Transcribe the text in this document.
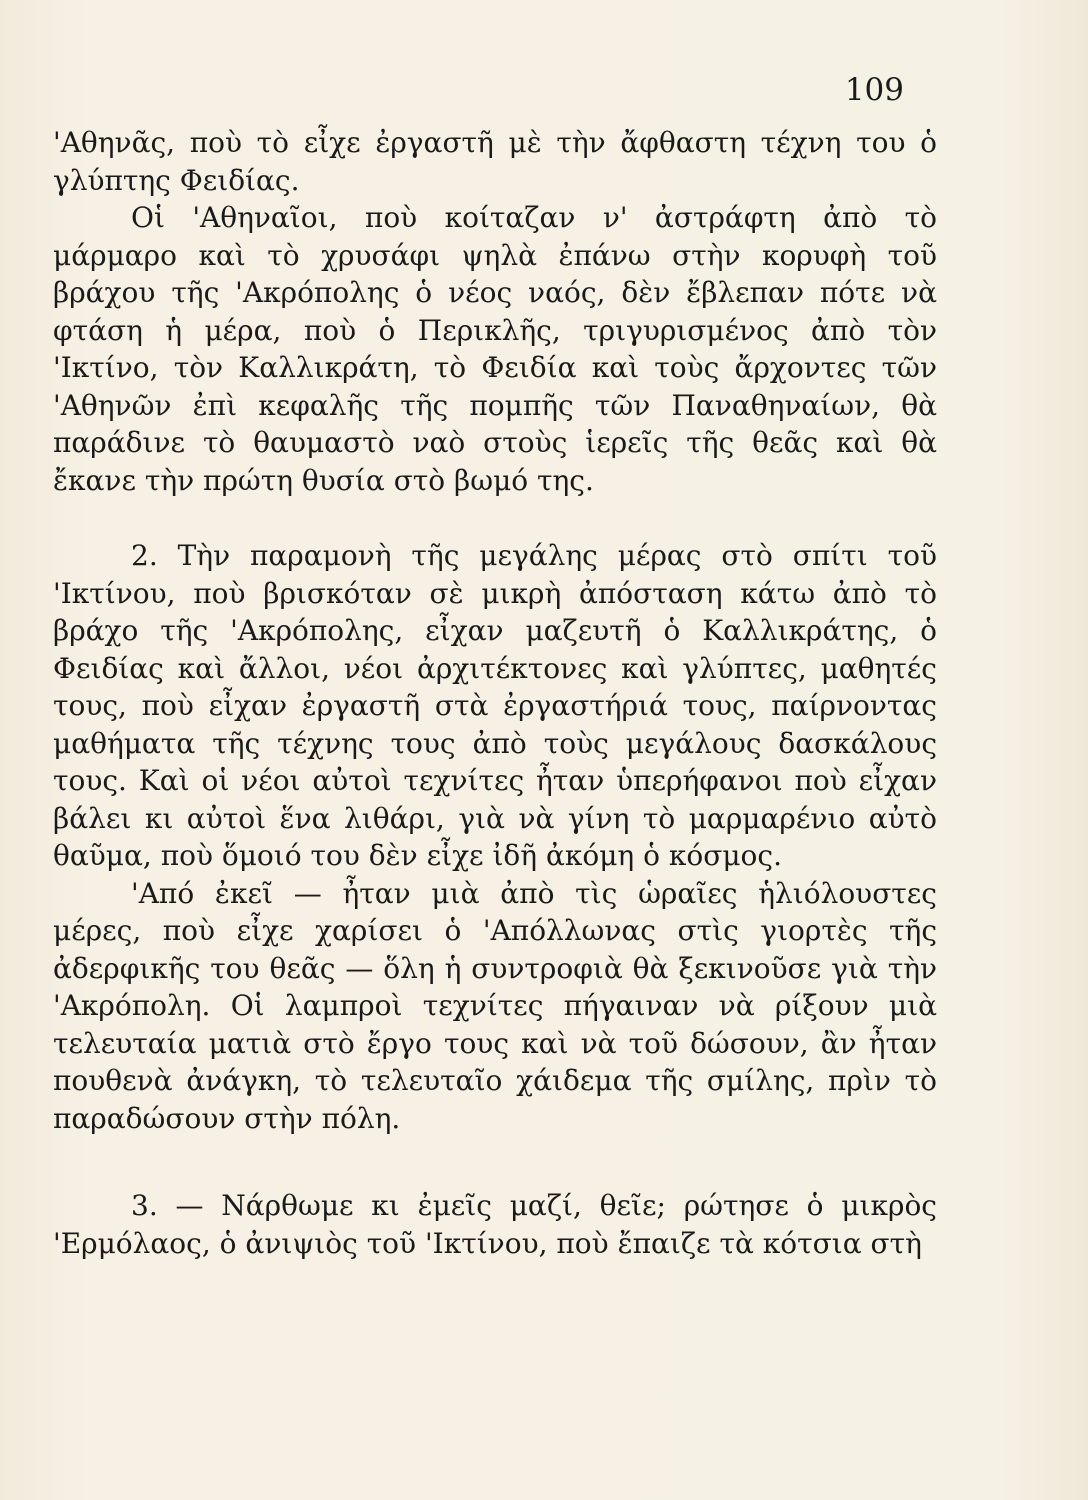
109

'Αθηνᾶς, ποὺ τὸ εἶχε ἐργαστῆ μὲ τὴν ἄφθαστη τέχνη του ὁ γλύπτης Φειδίας.

Οἱ 'Αθηναῖοι, ποὺ κοίταζαν ν' ἀστράφτη ἀπὸ τὸ μάρμαρο καὶ τὸ χρυσάφι ψηλὰ ἐπάνω στὴν κορυφὴ τοῦ βράχου τῆς 'Ακρόπολης ὁ νέος ναός, δὲν ἔβλεπαν πότε νὰ φτάση ἡ μέρα, ποὺ ὁ Περικλῆς, τριγυρισμένος ἀπὸ τὸν 'Ικτίνο, τὸν Καλλικράτη, τὸ Φειδία καὶ τοὺς ἄρχοντες τῶν 'Αθηνῶν ἐπὶ κεφαλῆς τῆς πομπῆς τῶν Παναθηναίων, θὰ παράδινε τὸ θαυμαστὸ ναὸ στοὺς ἱερεῖς τῆς θεᾶς καὶ θὰ ἔκανε τὴν πρώτη θυσία στὸ βωμό της.

2. Τὴν παραμονὴ τῆς μεγάλης μέρας στὸ σπίτι τοῦ 'Ικτίνου, ποὺ βρισκόταν σὲ μικρὴ ἀπόσταση κάτω ἀπὸ τὸ βράχο τῆς 'Ακρόπολης, εἶχαν μαζευτῆ ὁ Καλλικράτης, ὁ Φειδίας καὶ ἄλλοι, νέοι ἀρχιτέκτονες καὶ γλύπτες, μαθητές τους, ποὺ εἶχαν ἐργαστῆ στὰ ἐργαστήριά τους, παίρνοντας μαθήματα τῆς τέχνης τους ἀπὸ τοὺς μεγάλους δασκάλους τους. Καὶ οἱ νέοι αὐτοὶ τεχνίτες ἦταν ὑπερήφανοι ποὺ εἶχαν βάλει κι αὐτοὶ ἕνα λιθάρι, γιὰ νὰ γίνη τὸ μαρμαρένιο αὐτὸ θαῦμα, ποὺ ὅμοιό του δὲν εἶχε ἰδῆ ἀκόμη ὁ κόσμος.

'Από ἐκεῖ — ἦταν μιὰ ἀπὸ τὶς ὡραῖες ἡλιόλουστες μέρες, ποὺ εἶχε χαρίσει ὁ 'Απόλλωνας στὶς γιορτὲς τῆς ἀδερφικῆς του θεᾶς — ὅλη ἡ συντροφιὰ θὰ ξεκινοῦσε γιὰ τὴν 'Ακρόπολη. Οἱ λαμπροὶ τεχνίτες πήγαιναν νὰ ρίξουν μιὰ τελευταία ματιὰ στὸ ἔργο τους καὶ νὰ τοῦ δώσουν, ἂν ἦταν πουθενὰ ἀνάγκη, τὸ τελευταῖο χάιδεμα τῆς σμίλης, πρὶν τὸ παραδώσουν στὴν πόλη.

3. — Νάρθωμε κι ἐμεῖς μαζί, θεῖε; ρώτησε ὁ μικρὸς 'Ερμόλαος, ὁ ἀνιψιὸς τοῦ 'Ικτίνου, ποὺ ἔπαιζε τὰ κότσια στὴ
